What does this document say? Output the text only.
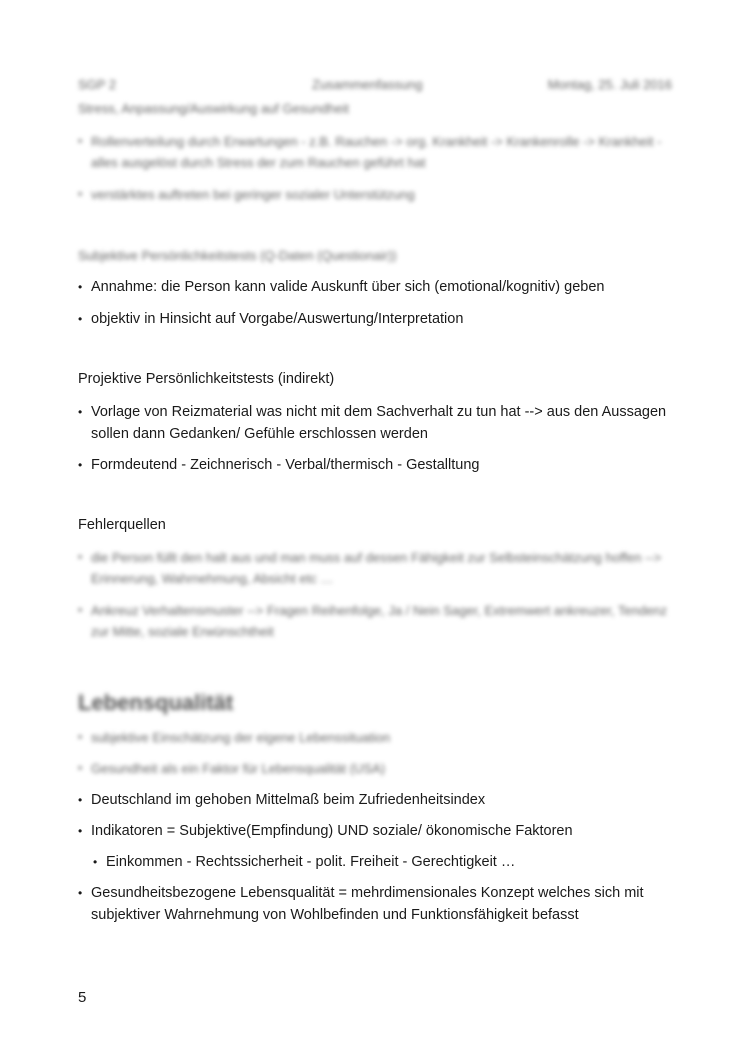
SGP 2	Zusammenfassung	Montag, 25. Juli 2016
Stress, Anpassung/Auswirkung auf Gesundheit
• Rollenverteilung durch Erwartungen - z.B. Rauchen -> org. Krankheit -> Krankenrolle -> Krankheit - alles ausgelöst durch Stress der zum Rauchen geführt hat
• verstärktes auftreten bei geringer sozialer Unterstützung
Subjektive Persönlichkeitstests (Q-Daten (Questionair))
• Annahme: die Person kann valide Auskunft über sich (emotional/kognitiv) geben
• objektiv in Hinsicht auf Vorgabe/Auswertung/Interpretation
Projektive Persönlichkeitstests (indirekt)
• Vorlage von Reizmaterial was nicht mit dem Sachverhalt zu tun hat --> aus den Aussagen sollen dann Gedanken/ Gefühle erschlossen werden
• Formdeutend - Zeichnerisch - Verbal/thermisch - Gestalltung
Fehlerquellen
• die Person füllt den halt aus und man muss auf dessen Fähigkeit zur Selbsteinschätzung hoffen --> Erinnerung, Wahrnehmung, Absicht etc …
• Ankreuz Verhaltensmuster --> Fragen Reihenfolge, Ja / Nein Sager, Extremwert ankreuzer, Tendenz zur Mitte, soziale Erwünschtheit
Lebensqualität
• subjektive Einschätzung der eigene Lebenssituation
• Gesundheit als ein Faktor für Lebensqualität (USA)
• Deutschland im gehoben Mittelmaß beim Zufriedenheitsindex
• Indikatoren = Subjektive(Empfindung) UND soziale/ ökonomische Faktoren
• Einkommen - Rechtssicherheit - polit. Freiheit - Gerechtigkeit …
• Gesundheitsbezogene Lebensqualität = mehrdimensionales Konzept welches sich mit subjektiver Wahrnehmung von Wohlbefinden und Funktionsfähigkeit befasst
5
